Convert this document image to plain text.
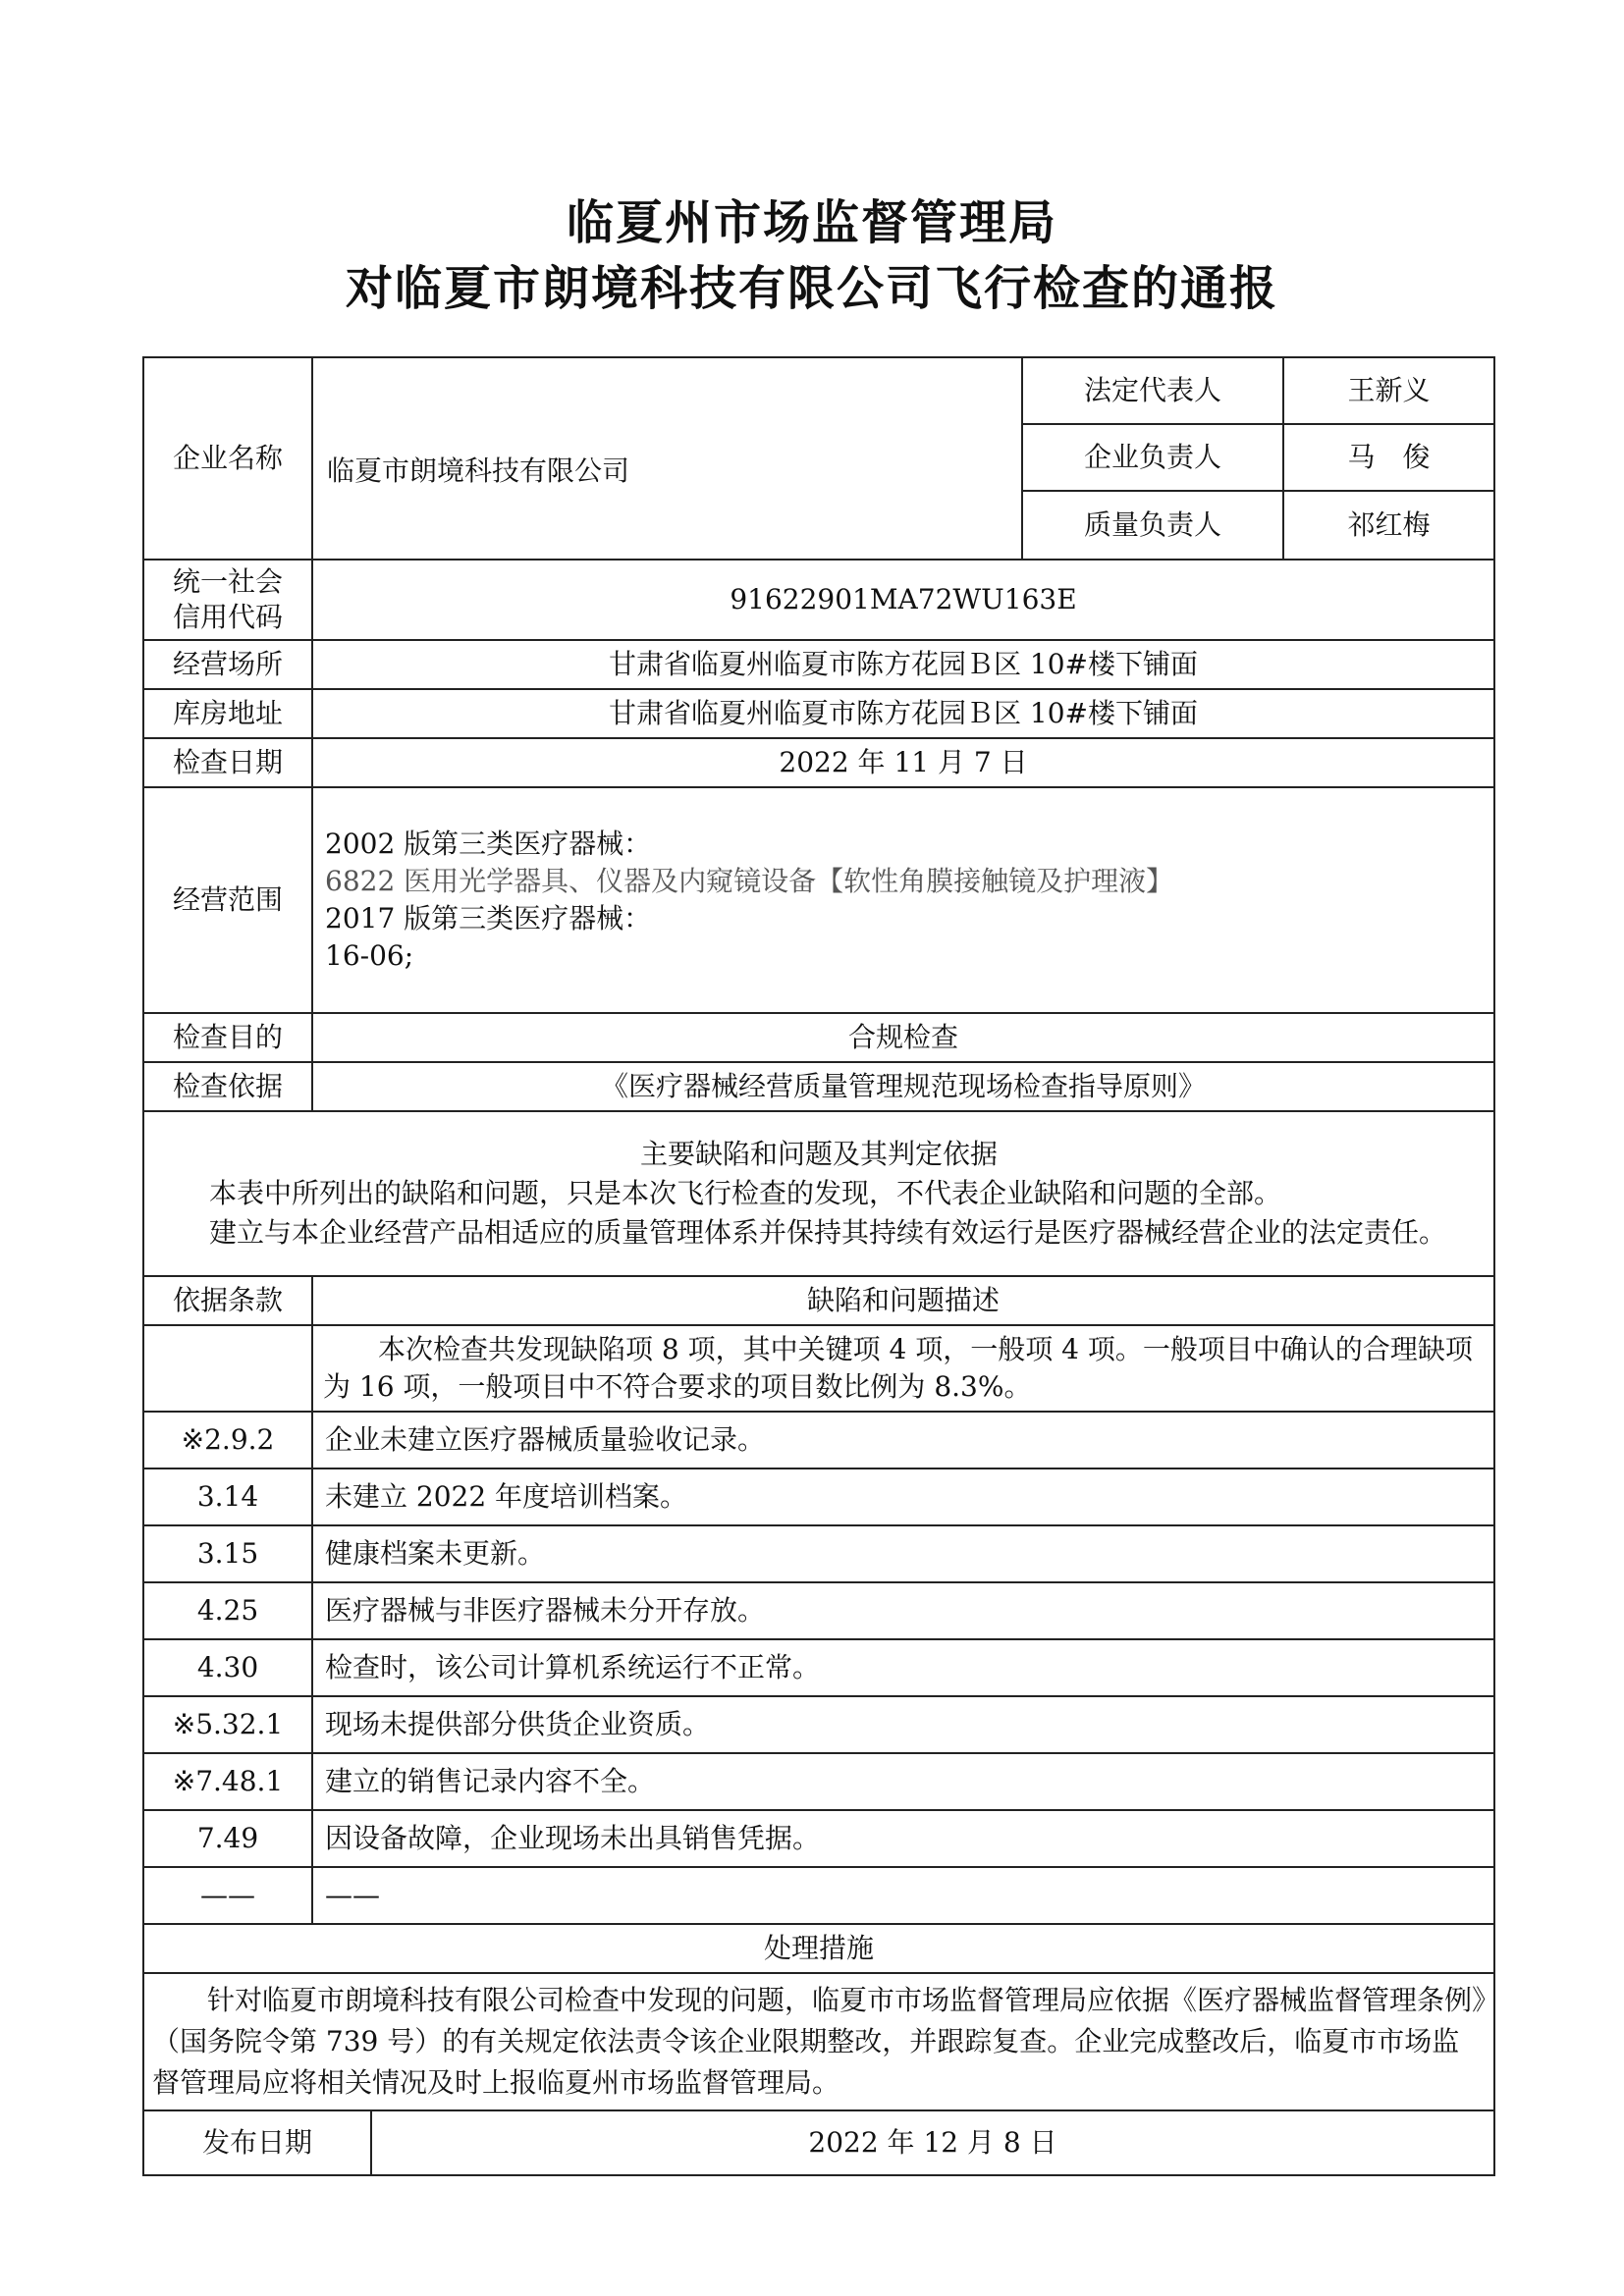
临夏州市场监督管理局
对临夏市朗境科技有限公司飞行检查的通报
企业名称	临夏市朗境科技有限公司		法定代表人	王新义
			企业负责人	马　俊
			质量负责人	祁红梅
统一社会
信用代码	91622901MA72WU163E			
经营场所	甘肃省临夏州临夏市陈方花园Ｂ区 10#楼下铺面			
库房地址	甘肃省临夏州临夏市陈方花园Ｂ区 10#楼下铺面			
检查日期	2022 年 11 月 7 日			
经营范围	2002 版第三类医疗器械：
6822 医用光学器具、仪器及内窥镜设备【软性角膜接触镜及护理液】
2017 版第三类医疗器械：
16-06;			

检查目的	合规检查			
检查依据	《医疗器械经营质量管理规范现场检查指导原则》			

主要缺陷和问题及其判定依据
本表中所列出的缺陷和问题，只是本次飞行检查的发现，不代表企业缺陷和问题的全部。
建立与本企业经营产品相适应的质量管理体系并保持其持续有效运行是医疗器械经营企业的法定责任。				

依据条款	缺陷和问题描述			
	本次检查共发现缺陷项 8 项，其中关键项 4 项，一般项 4 项。一般项目中确认的合理缺项为 16 项，一般项目中不符合要求的项目数比例为 8.3%。			
※2.9.2	企业未建立医疗器械质量验收记录。			
3.14	未建立 2022 年度培训档案。			
3.15	健康档案未更新。			
4.25	医疗器械与非医疗器械未分开存放。			
4.30	检查时，该公司计算机系统运行不正常。			
※5.32.1	现场未提供部分供货企业资质。			
※7.48.1	建立的销售记录内容不全。			
7.49	因设备故障，企业现场未出具销售凭据。			
——	——			
处理措施				
针对临夏市朗境科技有限公司检查中发现的问题，临夏市市场监督管理局应依据《医疗器械监督管理条例》（国务院令第 739 号）的有关规定依法责令该企业限期整改，并跟踪复查。企业完成整改后，临夏市市场监督管理局应将相关情况及时上报临夏州市场监督管理局。				
发布日期		2022 年 12 月 8 日		
